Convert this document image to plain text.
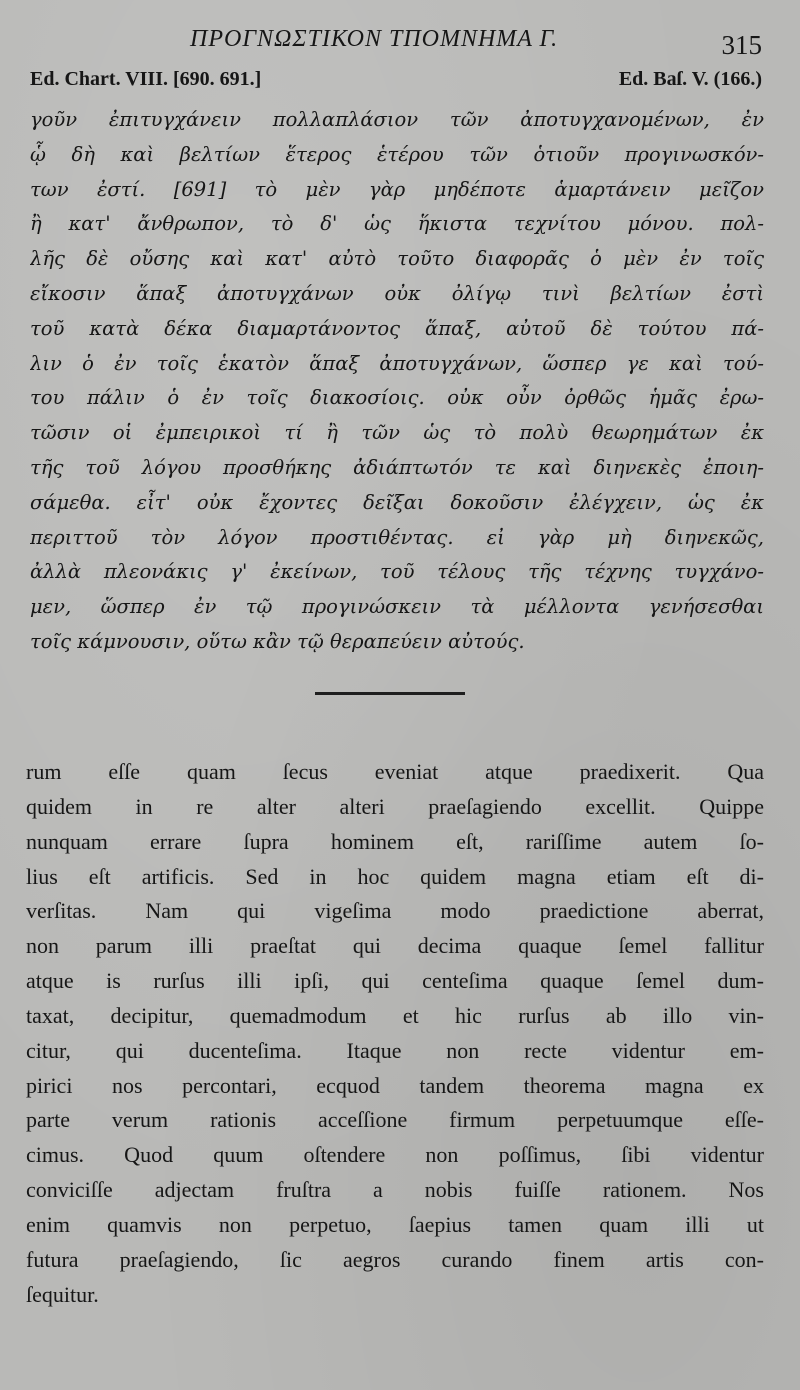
ΠΡΟΓΝΩΣΤΙΚΟΝ ΤΠΟΜΝΗΜΑ Γ.	315
Ed. Chart. VIII. [690. 691.]	Ed. Baſ. V. (166.)
γοῦν ἐπιτυγχάνειν πολλαπλάσιον τῶν ἀποτυγχανομένων, ἐν
ᾧ δὴ καὶ βελτίων ἕτερος ἑτέρου τῶν ὁτιοῦν προγινωσκόν-
των ἐστί. [691] τὸ μὲν γὰρ μηδέποτε ἁμαρτάνειν μεῖζον
ἢ κατ' ἄνθρωπον, τὸ δ' ὡς ἥκιστα τεχνίτου μόνου. πολ-
λῆς δὲ οὔσης καὶ κατ' αὐτὸ τοῦτο διαφορᾶς ὁ μὲν ἐν τοῖς
εἴκοσιν ἅπαξ ἀποτυγχάνων οὐκ ὀλίγῳ τινὶ βελτίων ἐστὶ
τοῦ κατὰ δέκα διαμαρτάνοντος ἅπαξ, αὐτοῦ δὲ τούτου πά-
λιν ὁ ἐν τοῖς ἑκατὸν ἅπαξ ἀποτυγχάνων, ὥσπερ γε καὶ τού-
του πάλιν ὁ ἐν τοῖς διακοσίοις. οὐκ οὖν ὀρθῶς ἡμᾶς ἐρω-
τῶσιν οἱ ἐμπειρικοὶ τί ἢ τῶν ὡς τὸ πολὺ θεωρημάτων ἐκ
τῆς τοῦ λόγου προσθήκης ἀδιάπτωτόν τε καὶ διηνεκὲς ἐποιη-
σάμεθα. εἶτ' οὐκ ἔχοντες δεῖξαι δοκοῦσιν ἐλέγχειν, ὡς ἐκ
περιττοῦ τὸν λόγον προστιθέντας. εἰ γὰρ μὴ διηνεκῶς,
ἀλλὰ πλεονάκις γ' ἐκείνων, τοῦ τέλους τῆς τέχνης τυγχάνο-
μεν, ὥσπερ ἐν τῷ προγινώσκειν τὰ μέλλοντα γενήσεσθαι
τοῖς κάμνουσιν, οὕτω κἂν τῷ θεραπεύειν αὐτούς.
rum eſſe quam ſecus eveniat atque praedixerit. Qua
quidem in re alter alteri praeſagiendo excellit. Quippe
nunquam errare ſupra hominem eſt, rariſſime autem ſo-
lius eſt artificis. Sed in hoc quidem magna etiam eſt di-
verſitas. Nam qui vigeſima modo praedictione aberrat,
non parum illi praeſtat qui decima quaque ſemel fallitur
atque is rurſus illi ipſi, qui centeſima quaque ſemel dum-
taxat, decipitur, quemadmodum et hic rurſus ab illo vin-
citur, qui ducenteſima. Itaque non recte videntur em-
pirici nos percontari, ecquod tandem theorema magna ex
parte verum rationis acceſſione firmum perpetuumque eſſe-
cimus. Quod quum oſtendere non poſſimus, ſibi videntur
conviciſſe adjectam fruſtra a nobis fuiſſe rationem. Nos
enim quamvis non perpetuo, ſaepius tamen quam illi ut
futura praeſagiendo, ſic aegros curando finem artis con-
ſequitur.
